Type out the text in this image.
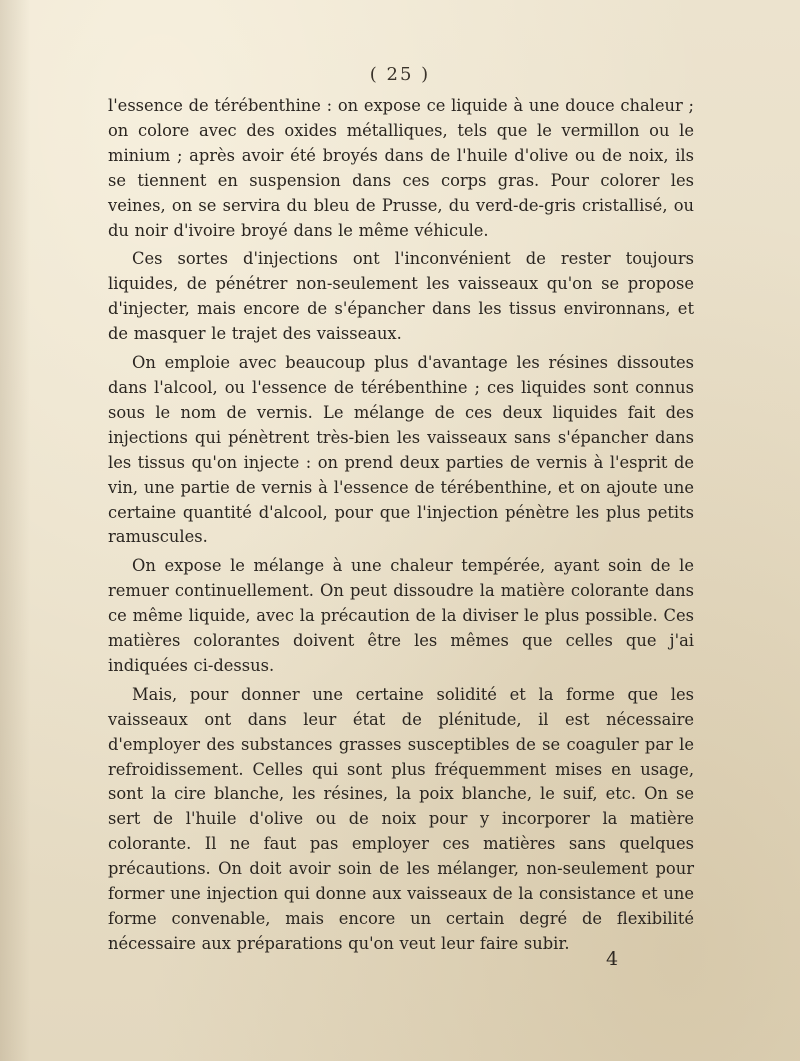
( 25 )

l'essence de térébenthine : on expose ce liquide à une douce chaleur ; on colore avec des oxides métalliques, tels que le vermillon ou le minium ; après avoir été broyés dans de l'huile d'olive ou de noix, ils se tiennent en suspension dans ces corps gras. Pour colorer les veines, on se servira du bleu de Prusse, du verd-de-gris cristallisé, ou du noir d'ivoire broyé dans le même véhicule.

Ces sortes d'injections ont l'inconvénient de rester toujours liquides, de pénétrer non-seulement les vaisseaux qu'on se propose d'injecter, mais encore de s'épancher dans les tissus environnans, et de masquer le trajet des vaisseaux.

On emploie avec beaucoup plus d'avantage les résines dissoutes dans l'alcool, ou l'essence de térébenthine ; ces liquides sont connus sous le nom de vernis. Le mélange de ces deux liquides fait des injections qui pénètrent très-bien les vaisseaux sans s'épancher dans les tissus qu'on injecte : on prend deux parties de vernis à l'esprit de vin, une partie de vernis à l'essence de térébenthine, et on ajoute une certaine quantité d'alcool, pour que l'injection pénètre les plus petits ramuscules.

On expose le mélange à une chaleur tempérée, ayant soin de le remuer continuellement. On peut dissoudre la matière colorante dans ce même liquide, avec la précaution de la diviser le plus possible. Ces matières colorantes doivent être les mêmes que celles que j'ai indiquées ci-dessus.

Mais, pour donner une certaine solidité et la forme que les vaisseaux ont dans leur état de plénitude, il est nécessaire d'employer des substances grasses susceptibles de se coaguler par le refroidissement. Celles qui sont plus fréquemment mises en usage, sont la cire blanche, les résines, la poix blanche, le suif, etc. On se sert de l'huile d'olive ou de noix pour y incorporer la matière colorante. Il ne faut pas employer ces matières sans quelques précautions. On doit avoir soin de les mélanger, non-seulement pour former une injection qui donne aux vaisseaux de la consistance et une forme convenable, mais encore un certain degré de flexibilité nécessaire aux préparations qu'on veut leur faire subir.

4
